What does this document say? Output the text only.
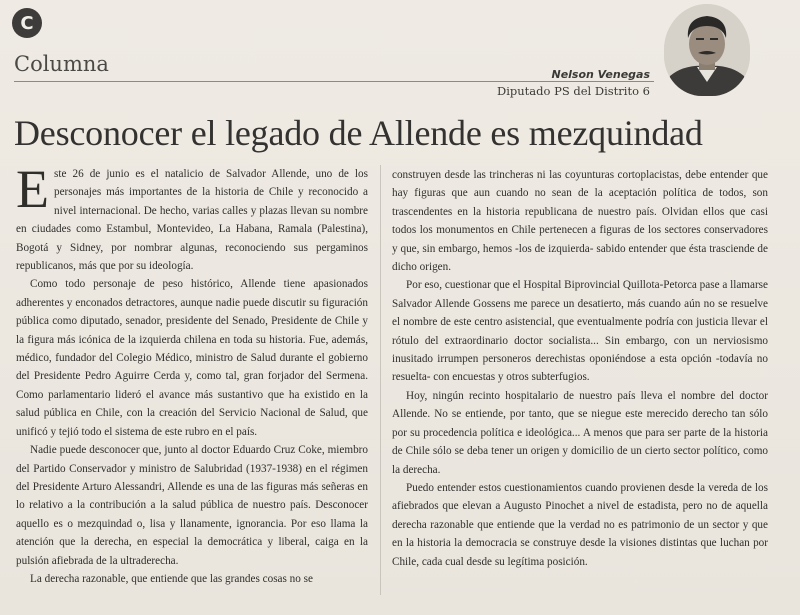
C
Columna	Nelson Venegas
Diputado PS del Distrito 6
Desconocer el legado de Allende es mezquindad

Este 26 de junio es el natalicio de Salvador Allende, uno de los personajes más importantes de la historia de Chile y reconocido a nivel internacional. De hecho, varias calles y plazas llevan su nombre en ciudades como Estambul, Montevideo, La Habana, Ramala (Palestina), Bogotá y Sidney, por nombrar algunas, reconociendo sus pergaminos republicanos, más que por su ideología.

Como todo personaje de peso histórico, Allende tiene apasionados adherentes y enconados detractores, aunque nadie puede discutir su figuración pública como diputado, senador, presidente del Senado, Presidente de Chile y la figura más icónica de la izquierda chilena en toda su historia. Fue, además, médico, fundador del Colegio Médico, ministro de Salud durante el gobierno del Presidente Pedro Aguirre Cerda y, como tal, gran forjador del Sermena. Como parlamentario lideró el avance más sustantivo que ha existido en la salud pública en Chile, con la creación del Servicio Nacional de Salud, que unificó y tejió todo el sistema de este rubro en el país.

Nadie puede desconocer que, junto al doctor Eduardo Cruz Coke, miembro del Partido Conservador y ministro de Salubridad (1937-1938) en el régimen del Presidente Arturo Alessandri, Allende es una de las figuras más señeras en lo relativo a la contribución a la salud pública de nuestro país. Desconocer aquello es o mezquindad o, lisa y llanamente, ignorancia. Por eso llama la atención que la derecha, en especial la democrática y liberal, caiga en la pulsión afiebrada de la ultraderecha.

La derecha razonable, que entiende que las grandes cosas no se

construyen desde las trincheras ni las coyunturas cortoplacistas, debe entender que hay figuras que aun cuando no sean de la aceptación política de todos, son trascendentes en la historia republicana de nuestro país. Olvidan ellos que casi todos los monumentos en Chile pertenecen a figuras de los sectores conservadores y que, sin embargo, hemos -los de izquierda- sabido entender que ésta trasciende de dicho origen.

Por eso, cuestionar que el Hospital Biprovincial Quillota-Petorca pase a llamarse Salvador Allende Gossens me parece un desatierto, más cuando aún no se resuelve el nombre de este centro asistencial, que eventualmente podría con justicia llevar el rótulo del extraordinario doctor socialista... Sin embargo, con un nerviosismo inusitado irrumpen personeros derechistas oponiéndose a esta opción -todavía no resuelta- con encuestas y otros subterfugios.

Hoy, ningún recinto hospitalario de nuestro país lleva el nombre del doctor Allende. No se entiende, por tanto, que se niegue este merecido derecho tan sólo por su procedencia política e ideológica... A menos que para ser parte de la historia de Chile sólo se deba tener un origen y domicilio de un cierto sector político, como la derecha.

Puedo entender estos cuestionamientos cuando provienen desde la vereda de los afiebrados que elevan a Augusto Pinochet a nivel de estadista, pero no de aquella derecha razonable que entiende que la verdad no es patrimonio de un sector y que en la historia la democracia se construye desde la visiones distintas que luchan por Chile, cada cual desde su legítima posición.
